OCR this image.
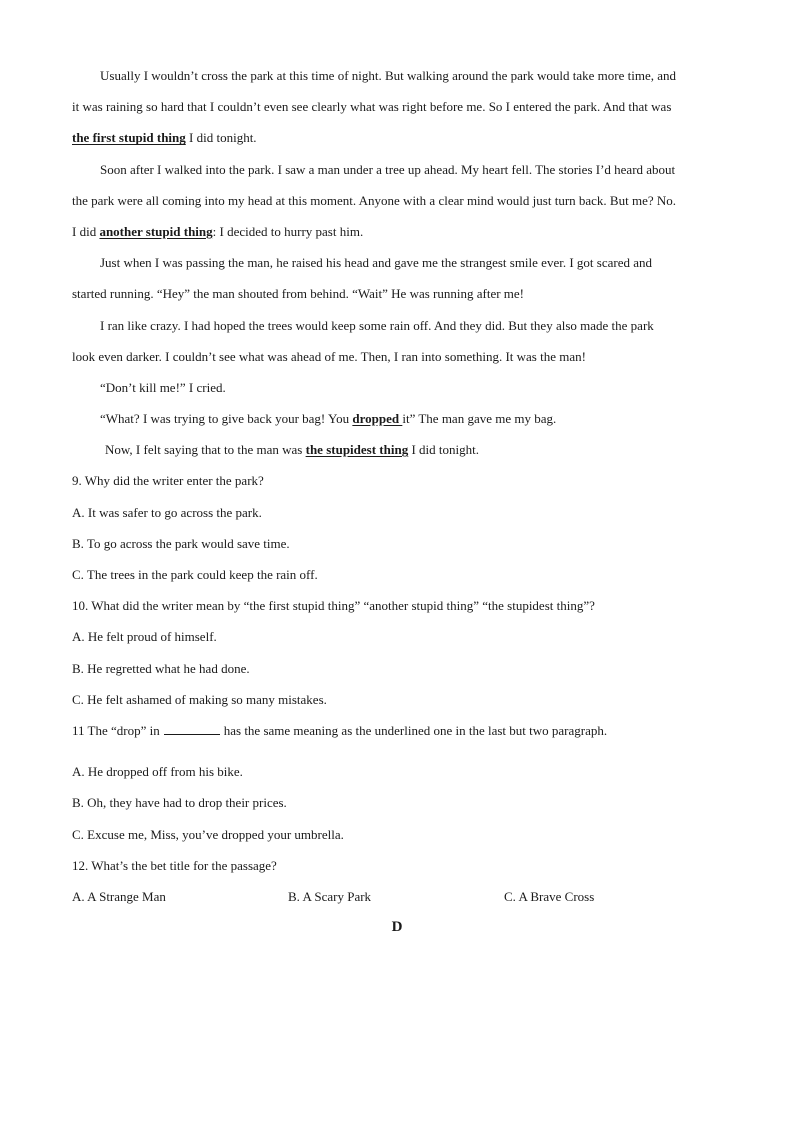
Usually I wouldn’t cross the park at this time of night. But walking around the park would take more time, and
it was raining so hard that I couldn’t even see clearly what was right before me. So I entered the park. And that was
the first stupid thing I did tonight.
Soon after I walked into the park. I saw a man under a tree up ahead. My heart fell. The stories I’d heard about
the park were all coming into my head at this moment. Anyone with a clear mind would just turn back. But me? No.
I did another stupid thing: I decided to hurry past him.
Just when I was passing the man, he raised his head and gave me the strangest smile ever. I got scared and
started running. “Hey” the man shouted from behind. “Wait” He was running after me!
I ran like crazy. I had hoped the trees would keep some rain off. And they did. But they also made the park
look even darker. I couldn’t see what was ahead of me. Then, I ran into something. It was the man!
“Don’t kill me!” I cried.
“What? I was trying to give back your bag! You dropped it” The man gave me my bag.
Now, I felt saying that to the man was the stupidest thing I did tonight.
9. Why did the writer enter the park?
A. It was safer to go across the park.
B. To go across the park would save time.
C. The trees in the park could keep the rain off.
10. What did the writer mean by “the first stupid thing” “another stupid thing” “the stupidest thing”?
A. He felt proud of himself.
B. He regretted what he had done.
C. He felt ashamed of making so many mistakes.
11 The “drop” in	has the same meaning as the underlined one in the last but two paragraph.
A. He dropped off from his bike.
B. Oh, they have had to drop their prices.
C. Excuse me, Miss, you’ve dropped your umbrella.
12. What’s the bet title for the passage?
A. A Strange Man	B. A Scary Park	C. A Brave Cross
D
